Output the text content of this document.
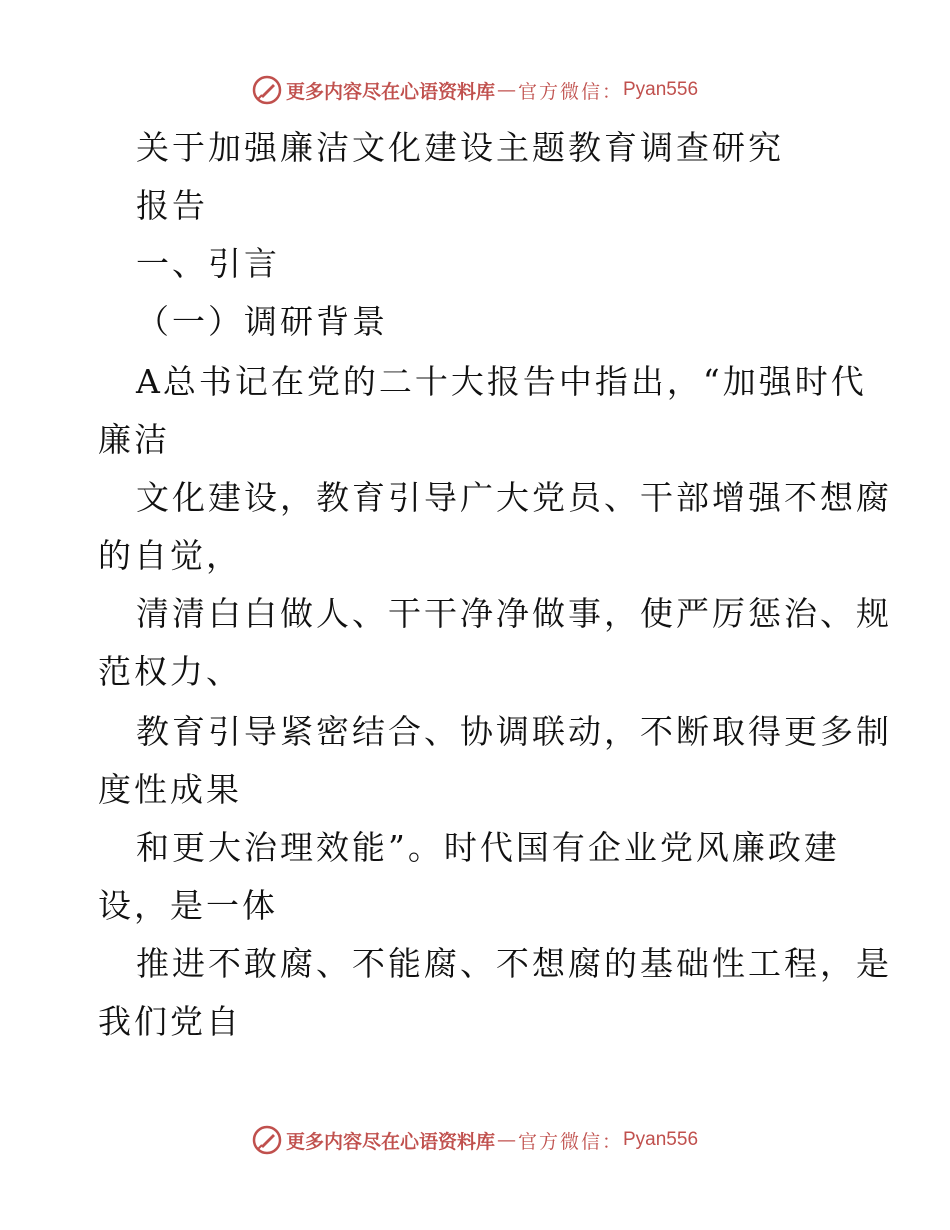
更多内容尽在心语资料库 — 官方微信： Pyan556
关于加强廉洁文化建设主题教育调查研究
报告
一、引言
（一）调研背景
A总书记在党的二十大报告中指出，“加强时代
廉洁
文化建设，教育引导广大党员、干部增强不想腐
的自觉，
清清白白做人、干干净净做事，使严厉惩治、规
范权力、
教育引导紧密结合、协调联动，不断取得更多制
度性成果
和更大治理效能”。时代国有企业党风廉政建
设，是一体
推进不敢腐、不能腐、不想腐的基础性工程，是
我们党自
更多内容尽在心语资料库 — 官方微信： Pyan556
